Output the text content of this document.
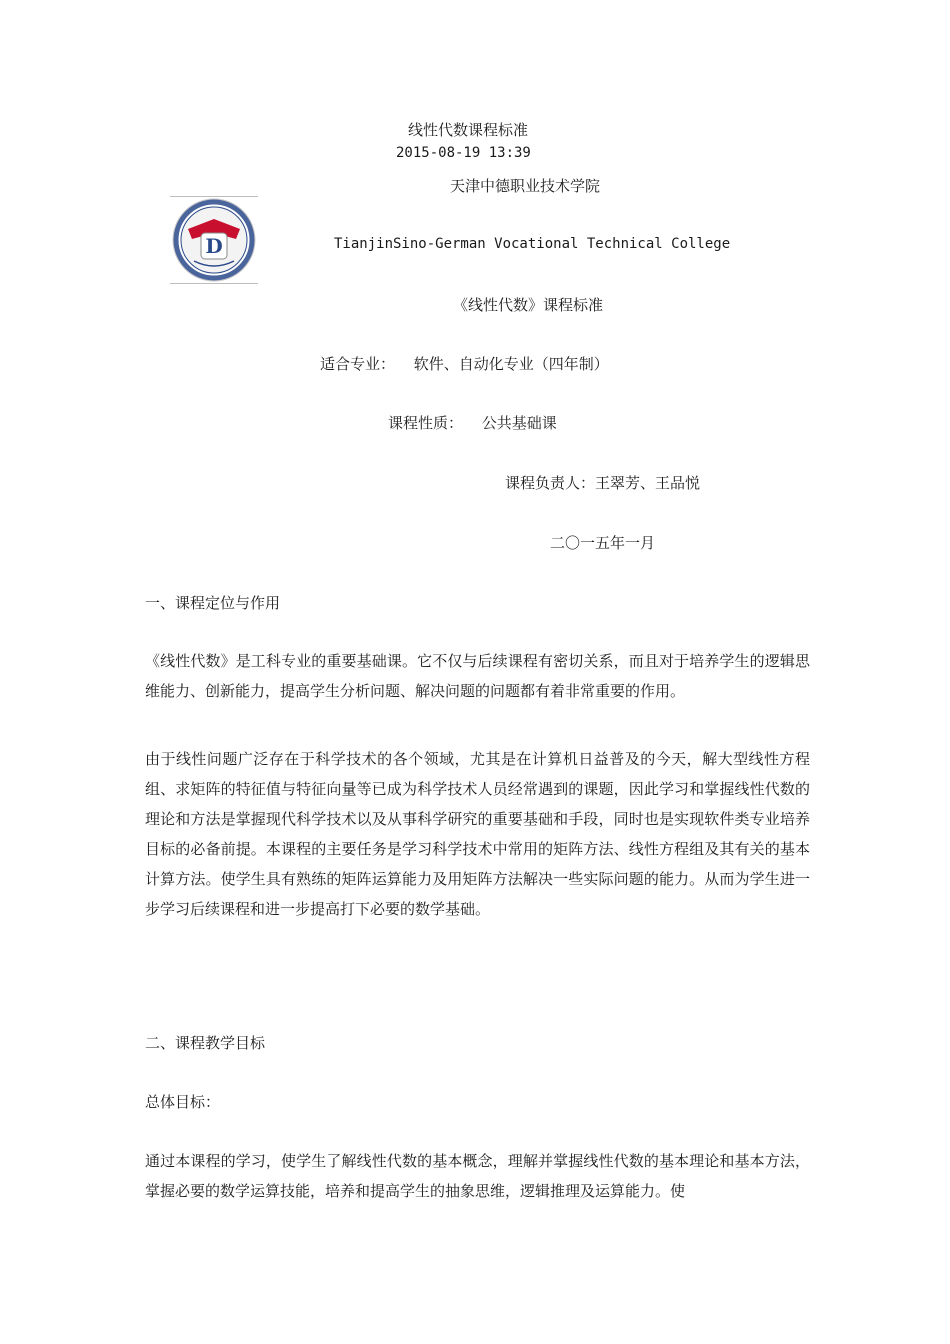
线性代数课程标准
2015-08-19 13:39
天津中德职业技术学院
D	TianjinSino-German Vocational Technical College
《线性代数》课程标准
适合专业： 软件、自动化专业（四年制）
课程性质： 公共基础课
课程负责人：王翠芳、王品悦
二〇一五年一月
一、课程定位与作用
《线性代数》是工科专业的重要基础课。它不仅与后续课程有密切关系，而且对于培养学生的逻辑思维能力、创新能力，提高学生分析问题、解决问题的问题都有着非常重要的作用。
由于线性问题广泛存在于科学技术的各个领域，尤其是在计算机日益普及的今天，解大型线性方程组、求矩阵的特征值与特征向量等已成为科学技术人员经常遇到的课题，因此学习和掌握线性代数的理论和方法是掌握现代科学技术以及从事科学研究的重要基础和手段，同时也是实现软件类专业培养目标的必备前提。本课程的主要任务是学习科学技术中常用的矩阵方法、线性方程组及其有关的基本计算方法。使学生具有熟练的矩阵运算能力及用矩阵方法解决一些实际问题的能力。从而为学生进一步学习后续课程和进一步提高打下必要的数学基础。
二、课程教学目标
总体目标：
通过本课程的学习，使学生了解线性代数的基本概念，理解并掌握线性代数的基本理论和基本方法，掌握必要的数学运算技能，培养和提高学生的抽象思维，逻辑推理及运算能力。使
